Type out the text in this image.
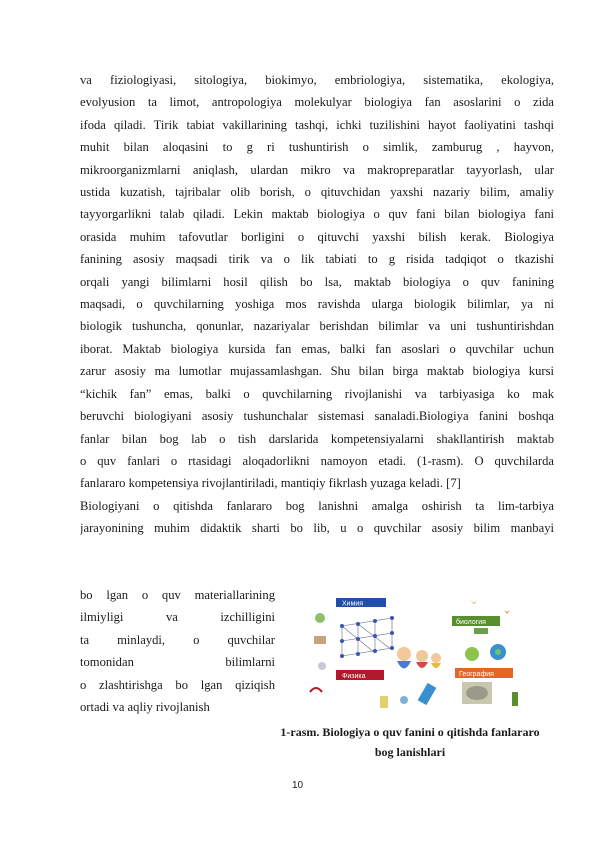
va fiziologiyasi, sitologiya, biokimyo, embriologiya, sistematika, ekologiya,
evolyusion ta limot, antropologiya molekulyar biologiya fan asoslarini o zida
ifoda qiladi. Tirik tabiat vakillarining tashqi, ichki tuzilishini hayot faoliyatini tashqi
muhit bilan aloqasini to g ri tushuntirish o simlik, zamburug , hayvon,
mikroorganizmlarni aniqlash, ulardan mikro va makropreparatlar tayyorlash, ular
ustida kuzatish, tajribalar olib borish, o qituvchidan yaxshi nazariy bilim, amaliy
tayyorgarlikni talab qiladi. Lekin maktab biologiya o quv fani bilan biologiya fani
orasida muhim tafovutlar borligini o qituvchi yaxshi bilish kerak. Biologiya
fanining asosiy maqsadi tirik va o lik tabiati to g risida tadqiqot o tkazishi
orqali yangi bilimlarni hosil qilish bo lsa, maktab biologiya o quv fanining
maqsadi, o quvchilarning yoshiga mos ravishda ularga biologik bilimlar, ya ni
biologik tushuncha, qonunlar, nazariyalar berishdan bilimlar va uni tushuntirishdan
iborat. Maktab biologiya kursida fan emas, balki fan asoslari o quvchilar uchun
zarur asosiy ma lumotlar mujassamlashgan. Shu bilan birga maktab biologiya kursi
“kichik fan” emas, balki o quvchilarning rivojlanishi va tarbiyasiga ko mak
beruvchi biologiyani asosiy tushunchalar sistemasi sanaladi.Biologiya fanini boshqa
fanlar bilan bog lab o tish darslarida kompetensiyalarni shakllantirish maktab
o quv fanlari o rtasidagi aloqadorlikni namoyon etadi. (1-rasm). O quvchilarda
fanlararo kompetensiya rivojlantiriladi, mantiqiy fikrlash yuzaga keladi. [7]
Biologiyani o qitishda fanlararo bog lanishni amalga oshirish ta lim-tarbiya
jarayonining muhim didaktik sharti bo lib, u o quvchilar asosiy bilim manbayi
bo lgan o quv materiallarining
ilmiyligi va izchilligini
ta minlaydi, o quvchilar
tomonidan bilimlarni
o zlashtirishga bo lgan qiziqish
ortadi va aqliy rivojlanish
Химия
биология
Физика	География
1-rasm. Biologiya o quv fanini o qitishda fanlararo
bog lanishlari
10
